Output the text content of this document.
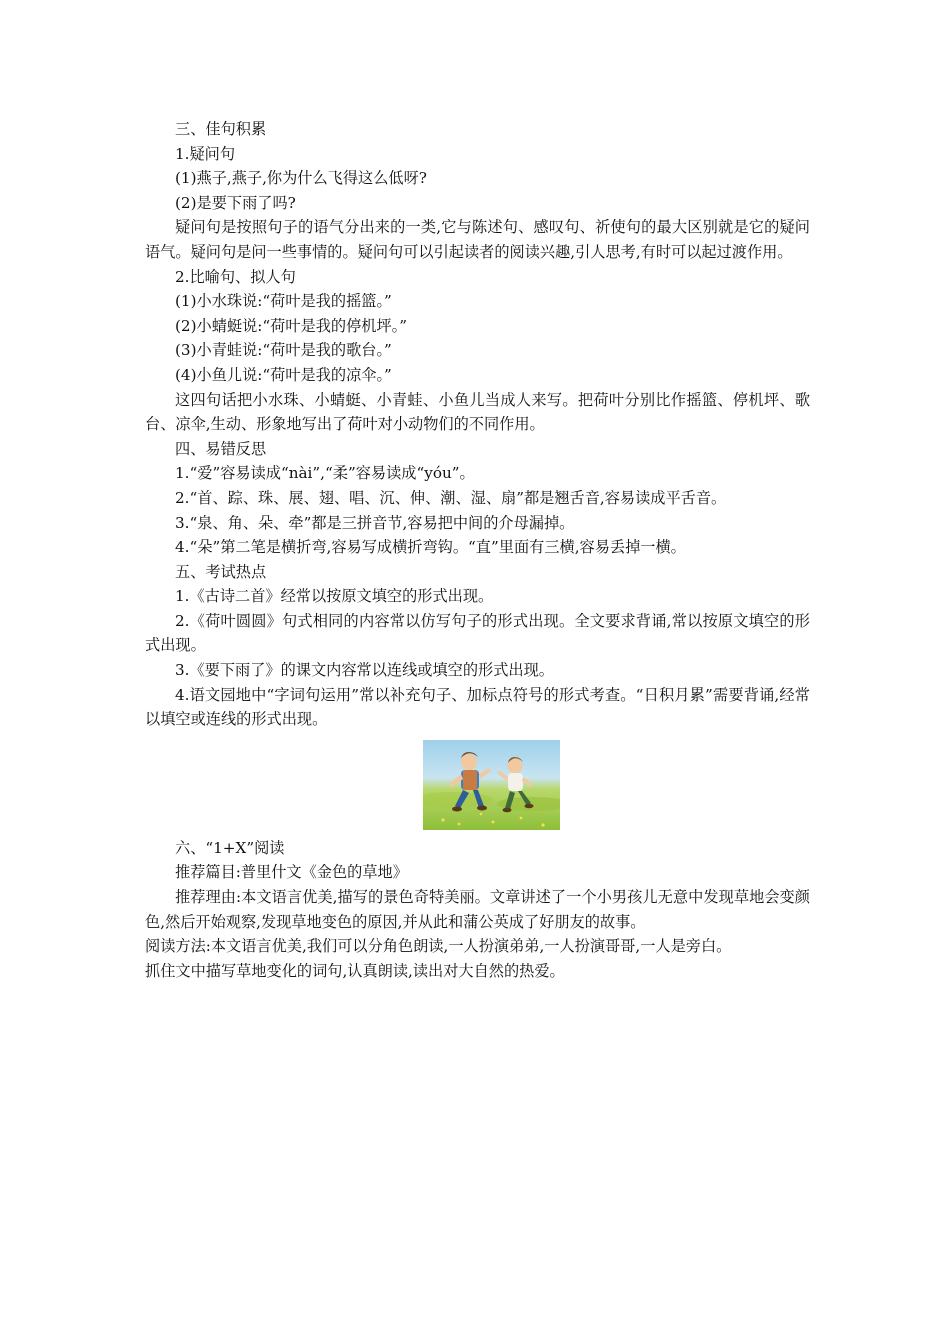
三、佳句积累
1.疑问句
(1)燕子,燕子,你为什么飞得这么低呀?
(2)是要下雨了吗?
疑问句是按照句子的语气分出来的一类,它与陈述句、感叹句、祈使句的最大区别就是它的疑问语气。疑问句是问一些事情的。疑问句可以引起读者的阅读兴趣,引人思考,有时可以起过渡作用。
2.比喻句、拟人句
(1)小水珠说:“荷叶是我的摇篮。”
(2)小蜻蜓说:“荷叶是我的停机坪。”
(3)小青蛙说:“荷叶是我的歌台。”
(4)小鱼儿说:“荷叶是我的凉伞。”
这四句话把小水珠、小蜻蜓、小青蛙、小鱼儿当成人来写。把荷叶分别比作摇篮、停机坪、歌台、凉伞,生动、形象地写出了荷叶对小动物们的不同作用。
四、易错反思
1.“爱”容易读成“nài”,“柔”容易读成“yóu”。
2.“首、踪、珠、展、翅、唱、沉、伸、潮、湿、扇”都是翘舌音,容易读成平舌音。
3.“泉、角、朵、牵”都是三拼音节,容易把中间的介母漏掉。
4.“朵”第二笔是横折弯,容易写成横折弯钩。“直”里面有三横,容易丢掉一横。
五、考试热点
1.《古诗二首》经常以按原文填空的形式出现。
2.《荷叶圆圆》句式相同的内容常以仿写句子的形式出现。全文要求背诵,常以按原文填空的形式出现。
3.《要下雨了》的课文内容常以连线或填空的形式出现。
4.语文园地中“字词句运用”常以补充句子、加标点符号的形式考查。“日积月累”需要背诵,经常以填空或连线的形式出现。
六、“1+X”阅读
推荐篇目:普里什文《金色的草地》
推荐理由:本文语言优美,描写的景色奇特美丽。文章讲述了一个小男孩儿无意中发现草地会变颜色,然后开始观察,发现草地变色的原因,并从此和蒲公英成了好朋友的故事。
阅读方法:本文语言优美,我们可以分角色朗读,一人扮演弟弟,一人扮演哥哥,一人是旁白。
抓住文中描写草地变化的词句,认真朗读,读出对大自然的热爱。
